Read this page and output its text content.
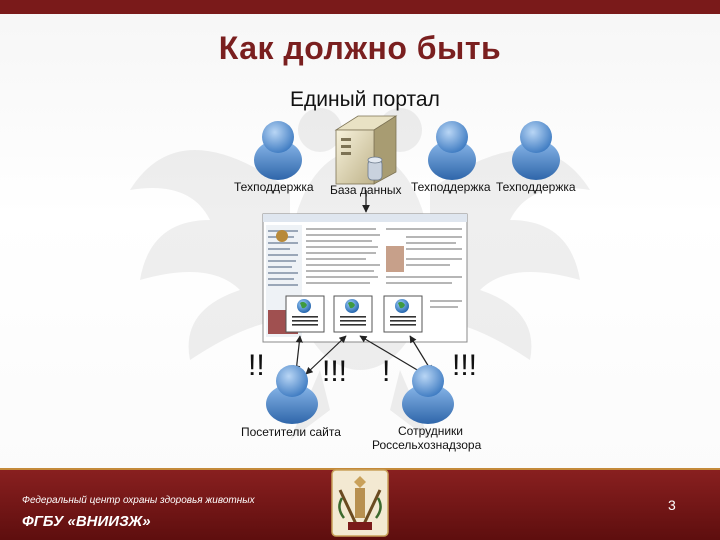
Как должно быть
Единый портал
Техподдержка База данных Техподдержка Техподдержка
!! !!! ! !!!
Посетители сайта	Сотрудники
Россельхознадзора
Федеральный центр охраны здоровья животных
ФГБУ «ВНИИЗЖ»
3
